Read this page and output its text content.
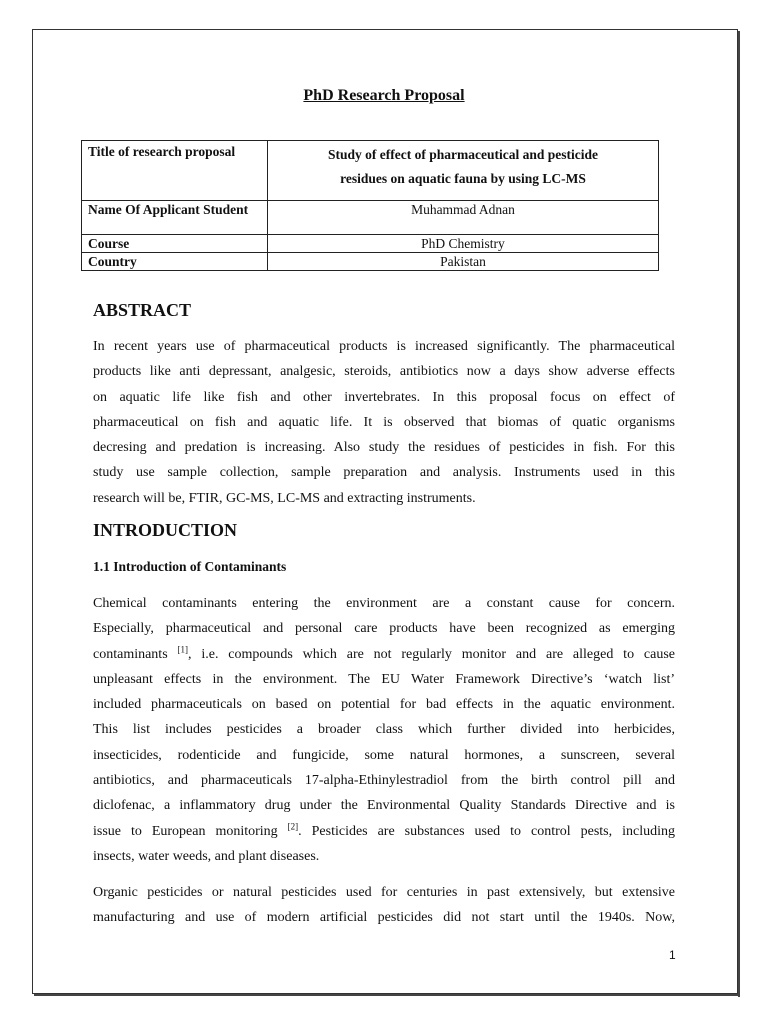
PhD Research Proposal
Title of research proposal	Study of effect of pharmaceutical and pesticide
residues on aquatic fauna by using LC-MS
Name Of Applicant Student	Muhammad Adnan
Course	PhD Chemistry
Country	Pakistan
ABSTRACT
In recent years use of pharmaceutical products is increased significantly. The pharmaceutical
products like anti depressant, analgesic, steroids, antibiotics now a days show adverse effects
on aquatic life like fish and other invertebrates. In this proposal focus on effect of
pharmaceutical on fish and aquatic life. It is observed that biomas of quatic organisms
decresing and predation is increasing. Also study the residues of pesticides in fish. For this
study use sample collection, sample preparation and analysis. Instruments used in this
research will be, FTIR, GC-MS, LC-MS and extracting instruments.
INTRODUCTION
1.1 Introduction of Contaminants
Chemical contaminants entering the environment are a constant cause for concern.
Especially, pharmaceutical and personal care products have been recognized as emerging
contaminants [1], i.e. compounds which are not regularly monitor and are alleged to cause
unpleasant effects in the environment. The EU Water Framework Directive’s ‘watch list’
included pharmaceuticals on based on potential for bad effects in the aquatic environment.
This list includes pesticides a broader class which further divided into herbicides,
insecticides, rodenticide and fungicide, some natural hormones, a sunscreen, several
antibiotics, and pharmaceuticals 17-alpha-Ethinylestradiol from the birth control pill and
diclofenac, a inflammatory drug under the Environmental Quality Standards Directive and is
issue to European monitoring [2]. Pesticides are substances used to control pests, including
insects, water weeds, and plant diseases.
Organic pesticides or natural pesticides used for centuries in past extensively, but extensive
manufacturing and use of modern artificial pesticides did not start until the 1940s. Now,
1
